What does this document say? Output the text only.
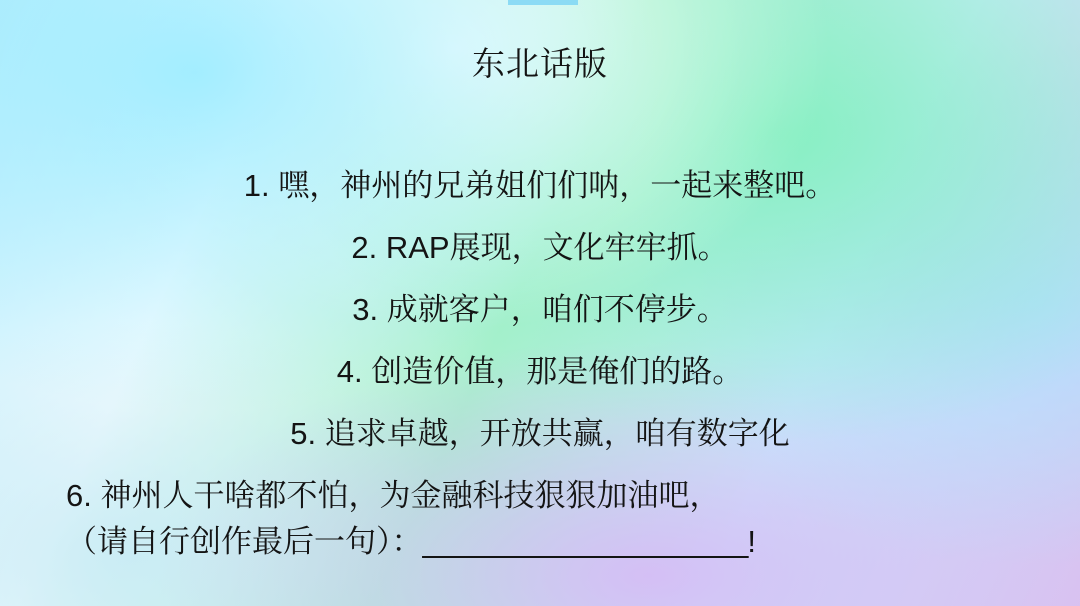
东北话版
1. 嘿，神州的兄弟姐们们呐，一起来整吧。
2. RAP展现，文化牢牢抓。
3. 成就客户，咱们不停步。
4. 创造价值，那是俺们的路。
5. 追求卓越，开放共赢，咱有数字化
6. 神州人干啥都不怕，为金融科技狠狠加油吧，
（请自行创作最后一句）：____________________!
